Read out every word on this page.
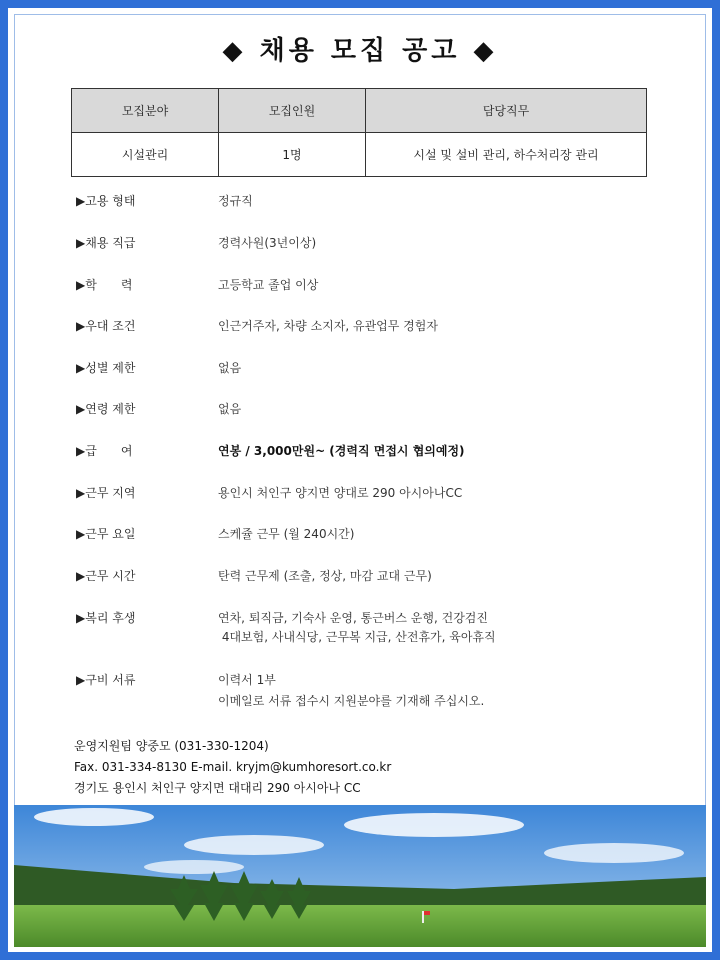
◆ 채용 모집 공고 ◆
모집분야	모집인원	담당직무
시설관리	1명	시설 및 설비 관리, 하수처리장 관리
▶고용 형태	정규직
▶채용 직급	경력사원(3년이상)
▶학　　력	고등학교 졸업 이상
▶우대 조건	인근거주자, 차량 소지자, 유관업무 경험자
▶성별 제한	없음
▶연령 제한	없음
▶급　　여	연봉 / 3,000만원~ (경력직 면접시 협의예정)
▶근무 지역	용인시 처인구 양지면 양대로 290 아시아나CC
▶근무 요일	스케쥴 근무 (월 240시간)
▶근무 시간	탄력 근무제 (조출, 정상, 마감 교대 근무)
▶복리 후생	연차, 퇴직금, 기숙사 운영, 통근버스 운행, 건강검진
4대보험, 사내식당, 근무복 지급, 산전휴가, 육아휴직
▶구비 서류	이력서 1부
이메일로 서류 접수시 지원분야를 기재해 주십시오.
운영지원팀 양중모 (031-330-1204)
Fax. 031-334-8130 E-mail. kryjm@kumhoresort.co.kr
경기도 용인시 처인구 양지면 대대리 290 아시아나 CC
